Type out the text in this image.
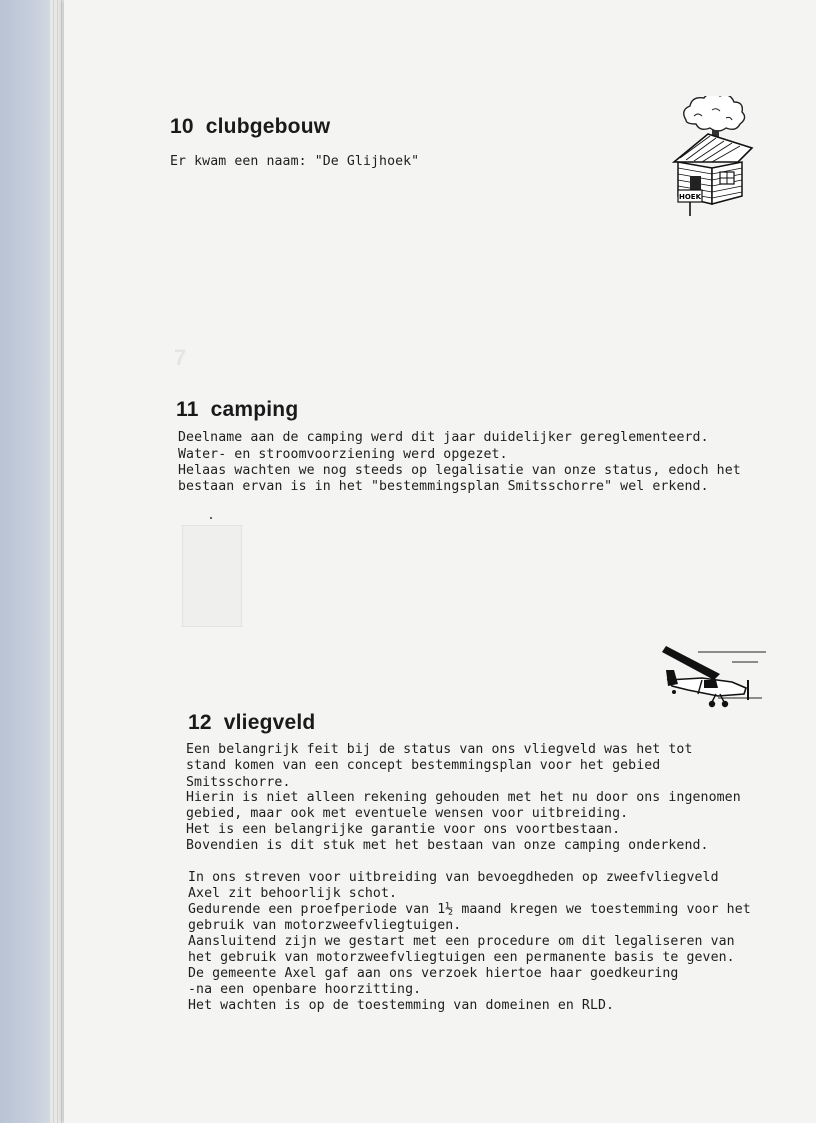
7
10 clubgebouw

Er kwam een naam: "De Glijhoek"

HOEK
11 camping

Deelname aan de camping werd dit jaar duidelijker gereglementeerd.

Water- en stroomvoorziening werd opgezet.

Helaas wachten we nog steeds op legalisatie van onze status, edoch het

bestaan ervan is in het "bestemmingsplan Smitsschorre" wel erkend.

12 vliegveld

Een belangrijk feit bij de status van ons vliegveld was het tot

stand komen van een concept bestemmingsplan voor het gebied

Smitsschorre.

Hierin is niet alleen rekening gehouden met het nu door ons ingenomen

gebied, maar ook met eventuele wensen voor uitbreiding.

Het is een belangrijke garantie voor ons voortbestaan.

Bovendien is dit stuk met het bestaan van onze camping onderkend.

In ons streven voor uitbreiding van bevoegdheden op zweefvliegveld

Axel zit behoorlijk schot.

Gedurende een proefperiode van 1½ maand kregen we toestemming voor het

gebruik van motorzweefvliegtuigen.

Aansluitend zijn we gestart met een procedure om dit legaliseren van

het gebruik van motorzweefvliegtuigen een permanente basis te geven.

De gemeente Axel gaf aan ons verzoek hiertoe haar goedkeuring

-na een openbare hoorzitting.

Het wachten is op de toestemming van domeinen en RLD.
